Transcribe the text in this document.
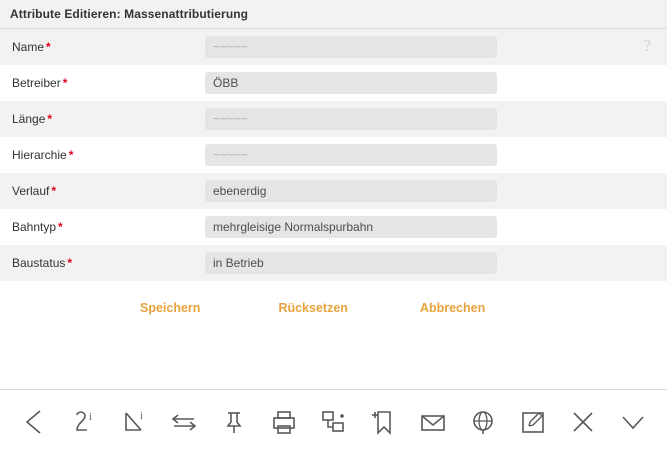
Attribute Editieren: Massenattributierung
Name *
~~~~~	?
Betreiber *
ÖBB
Länge *
~~~~~
Hierarchie *
~~~~~
Verlauf *
ebenerdig
Bahntyp *
mehrgleisige Normalspurbahn
Baustatus *
in Betrieb
Speichern	Rücksetzen	Abbrechen
i	i
